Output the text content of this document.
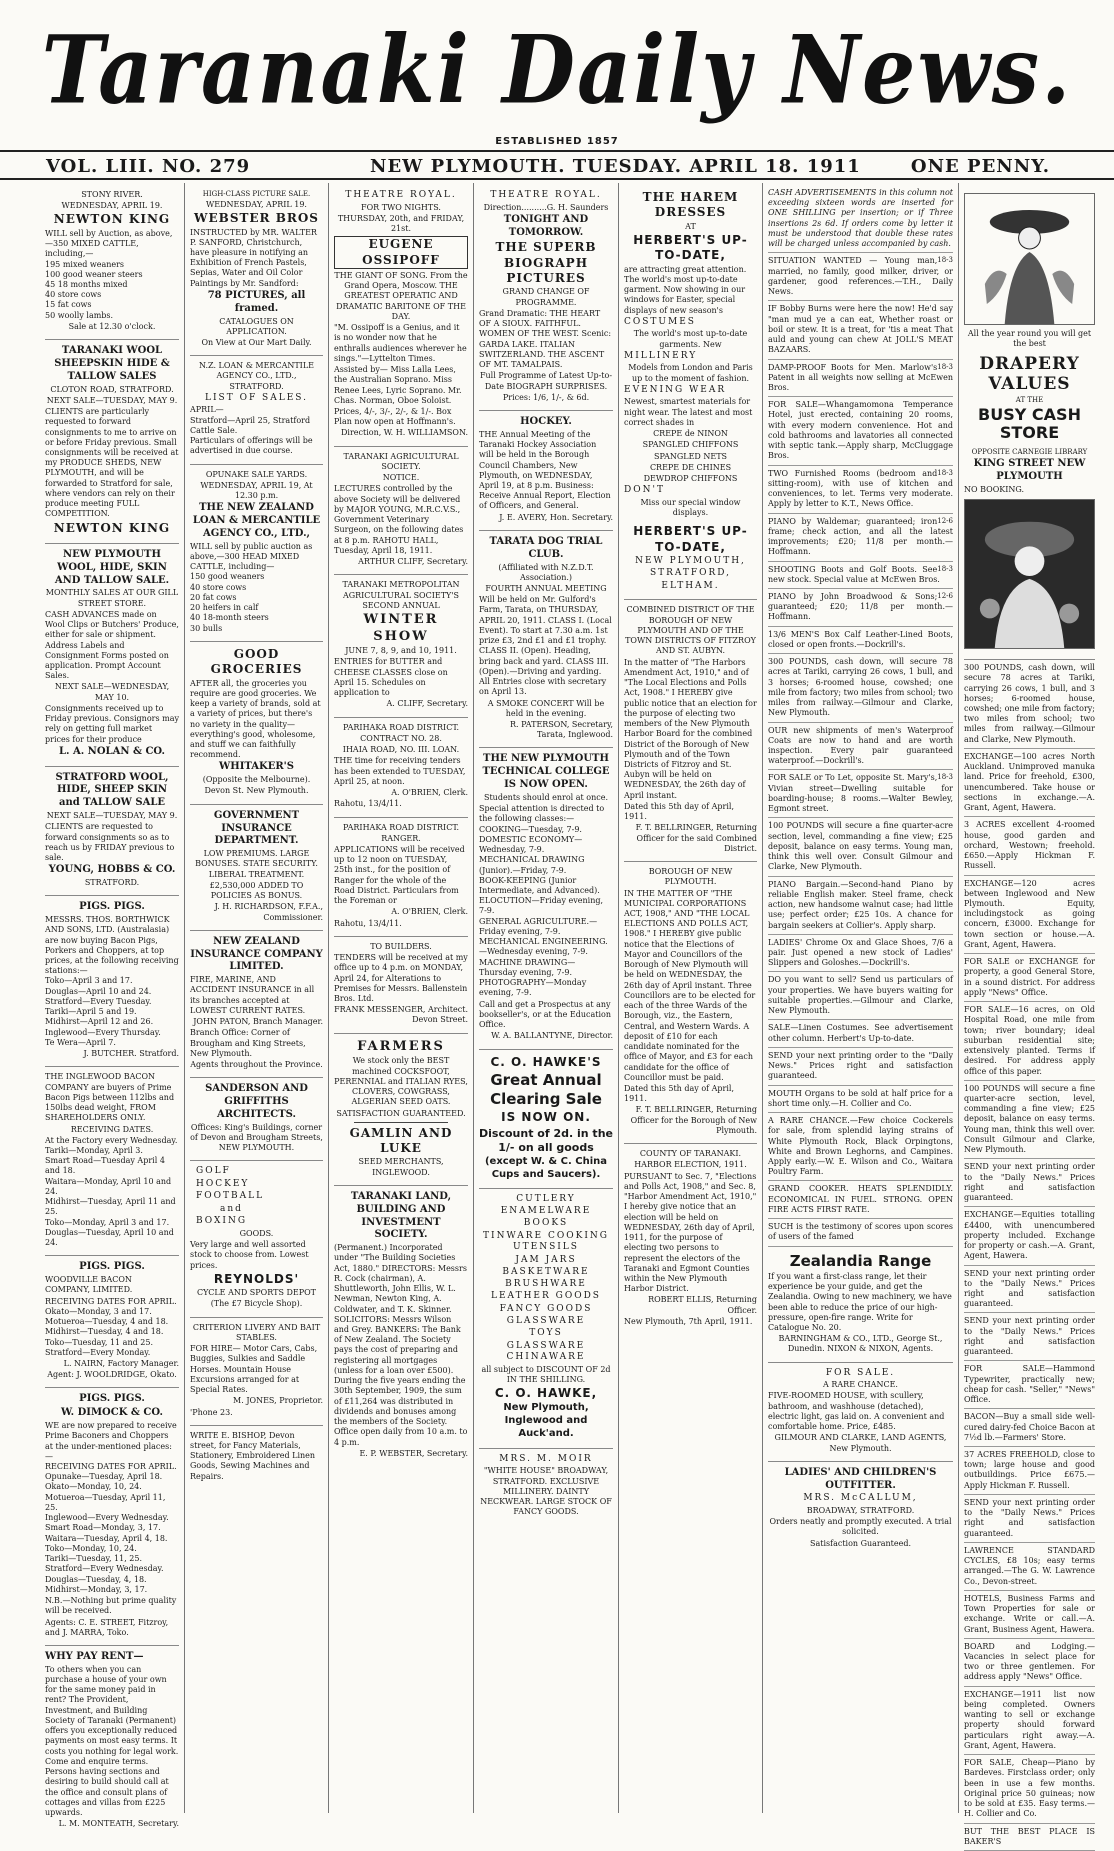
Taranaki Daily News.
ESTABLISHED 1857
VOL. LIII. NO. 279	NEW PLYMOUTH. TUESDAY. APRIL 18. 1911	ONE PENNY.

STONY RIVER.

WEDNESDAY, APRIL 19.

NEWTON KING

WILL sell by Auction, as above,—350 MIXED CATTLE, including,—
195 mixed weaners
100 good weaner steers
45 18 months mixed
40 store cows
15 fat cows
50 woolly lambs.

Sale at 12.30 o'clock.

TARANAKI WOOL SHEEPSKIN HIDE & TALLOW SALES

CLOTON ROAD, STRATFORD.

NEXT SALE—TUESDAY, MAY 9.

CLIENTS are particularly requested to forward consignments to me to arrive on or before Friday previous. Small consignments will be received at my PRODUCE SHEDS, NEW PLYMOUTH, and will be forwarded to Stratford for sale, where vendors can rely on their produce meeting FULL COMPETITION.

NEWTON KING

NEW PLYMOUTH WOOL, HIDE, SKIN AND TALLOW SALE.

MONTHLY SALES AT OUR GILL STREET STORE.

CASH ADVANCES made on Wool Clips or Butchers' Produce, either for sale or shipment. Address Labels and Consignment Forms posted on application. Prompt Account Sales.

NEXT SALE—WEDNESDAY, MAY 10.

Consignments received up to Friday previous. Consignors may rely on getting full market prices for their produce

L. A. NOLAN & CO.

STRATFORD WOOL, HIDE, SHEEP SKIN and TALLOW SALE

NEXT SALE—TUESDAY, MAY 9.

CLIENTS are requested to forward consignments so as to reach us by FRIDAY previous to sale.

YOUNG, HOBBS & CO.

STRATFORD.

PIGS. PIGS.

MESSRS. THOS. BORTHWICK AND SONS, LTD. (Australasia) are now buying Bacon Pigs, Porkers and Choppers, at top prices, at the following receiving stations:—
Toko—April 3 and 17.
Douglas—April 10 and 24.
Stratford—Every Tuesday.
Tariki—April 5 and 19.
Midhirst—April 12 and 26.
Inglewood—Every Thursday.
Te Wera—April 7.

J. BUTCHER. Stratford.

THE INGLEWOOD BACON COMPANY are buyers of Prime Bacon Pigs between 112lbs and 150lbs dead weight, FROM SHAREHOLDERS ONLY.

RECEIVING DATES.

At the Factory every Wednesday.
Tariki—Monday, April 3.
Smart Road—Tuesday April 4 and 18.
Waitara—Monday, April 10 and 24.
Midhirst—Tuesday, April 11 and 25.
Toko—Monday, April 3 and 17.
Douglas—Tuesday, April 10 and 24.

PIGS. PIGS.

WOODVILLE BACON COMPANY, LIMITED.

RECEIVING DATES FOR APRIL.
Okato—Monday, 3 and 17.
Motueroa—Tuesday, 4 and 18.
Midhirst—Tuesday, 4 and 18.
Toko—Tuesday, 11 and 25.
Stratford—Every Monday.

L. NAIRN, Factory Manager.

Agent: J. WOOLDRIDGE, Okato.

PIGS. PIGS.

W. DIMOCK & CO.

WE are now prepared to receive Prime Baconers and Choppers at the under-mentioned places:—
RECEIVING DATES FOR APRIL.
Opunake—Tuesday, April 18.
Okato—Monday, 10, 24.
Motueroa—Tuesday, April 11, 25.
Inglewood—Every Wednesday.
Smart Road—Monday, 3, 17.
Waitara—Tuesday, April 4, 18.
Toko—Monday, 10, 24.
Tariki—Tuesday, 11, 25.
Stratford—Every Wednesday.
Douglas—Tuesday, 4, 18.
Midhirst—Monday, 3, 17.

N.B.—Nothing but prime quality will be received.

Agents: C. E. STREET, Fitzroy, and J. MARRA, Toko.

WHY PAY RENT—

To others when you can purchase a house of your own for the same money paid in rent? The Provident, Investment, and Building Society of Taranaki (Permanent) offers you exceptionally reduced payments on most easy terms. It costs you nothing for legal work. Come and enquire terms. Persons having sections and desiring to build should call at the office and consult plans of cottages and villas from £225 upwards.

L. M. MONTEATH, Secretary.

HIGH-CLASS PICTURE SALE.

WEDNESDAY, APRIL 19.

WEBSTER BROS

INSTRUCTED by MR. WALTER P. SANFORD, Christchurch, have pleasure in notifying an Exhibition of French Pastels, Sepias, Water and Oil Color Paintings by Mr. Sandford:

78 PICTURES, all framed.

CATALOGUES ON APPLICATION.

On View at Our Mart Daily.

N.Z. LOAN & MERCANTILE AGENCY CO., LTD., STRATFORD.

LIST OF SALES.

APRIL—
Stratford—April 25, Stratford Cattle Sale.
Particulars of offerings will be advertised in due course.

OPUNAKE SALE YARDS.

WEDNESDAY, APRIL 19, At 12.30 p.m.

THE NEW ZEALAND LOAN & MERCANTILE AGENCY CO., LTD.,

WILL sell by public auction as above,—300 HEAD MIXED CATTLE, including—
150 good weaners
40 store cows
20 fat cows
20 heifers in calf
40 18-month steers
30 bulls

GOOD GROCERIES

AFTER all, the groceries you require are good groceries. We keep a variety of brands, sold at a variety of prices, but there's no variety in the quality—everything's good, wholesome, and stuff we can faithfully recommend.

WHITAKER'S

(Opposite the Melbourne).

Devon St. New Plymouth.

GOVERNMENT INSURANCE DEPARTMENT.

LOW PREMIUMS. LARGE BONUSES. STATE SECURITY. LIBERAL TREATMENT.

£2,530,000 ADDED TO POLICIES AS BONUS.

J. H. RICHARDSON, F.F.A., Commissioner.

NEW ZEALAND INSURANCE COMPANY LIMITED.

FIRE, MARINE, AND ACCIDENT INSURANCE in all its branches accepted at LOWEST CURRENT RATES.

JOHN PATON, Branch Manager.

Branch Office: Corner of Brougham and King Streets, New Plymouth.

Agents throughout the Province.

SANDERSON AND GRIFFITHS ARCHITECTS.

Offices: King's Buildings, corner of Devon and Brougham Streets, NEW PLYMOUTH.

GOLF

HOCKEY

FOOTBALL

and

BOXING

GOODS.

Very large and well assorted stock to choose from. Lowest prices.

REYNOLDS'

CYCLE AND SPORTS DEPOT

(The £7 Bicycle Shop).

CRITERION LIVERY AND BAIT STABLES.

FOR HIRE— Motor Cars, Cabs, Buggies, Sulkies and Saddle Horses. Mountain House Excursions arranged for at Special Rates.

M. JONES, Proprietor.

'Phone 23.

WRITE E. BISHOP, Devon street, for Fancy Materials, Stationery, Embroidered Linen Goods, Sewing Machines and Repairs.

THEATRE ROYAL.

FOR TWO NIGHTS.

THURSDAY, 20th, and FRIDAY, 21st.

EUGENE OSSIPOFF

THE GIANT OF SONG. From the Grand Opera, Moscow. THE GREATEST OPERATIC AND DRAMATIC BARITONE OF THE DAY.

"M. Ossipoff is a Genius, and it is no wonder now that he enthralls audiences wherever he sings."—Lyttelton Times.

Assisted by— Miss Lalla Lees, the Australian Soprano. Miss Renee Lees, Lyric Soprano. Mr. Chas. Norman, Oboe Soloist.

Prices, 4/-, 3/-, 2/-, & 1/-. Box Plan now open at Hoffmann's.

Direction, W. H. WILLIAMSON.

TARANAKI AGRICULTURAL SOCIETY.

NOTICE.

LECTURES controlled by the above Society will be delivered by MAJOR YOUNG, M.R.C.V.S., Government Veterinary Surgeon, on the following dates at 8 p.m. RAHOTU HALL, Tuesday, April 18, 1911.

ARTHUR CLIFF, Secretary.

TARANAKI METROPOLITAN AGRICULTURAL SOCIETY'S SECOND ANNUAL

WINTER SHOW

JUNE 7, 8, 9, and 10, 1911.

ENTRIES for BUTTER and CHEESE CLASSES close on April 15. Schedules on application to

A. CLIFF, Secretary.

PARIHAKA ROAD DISTRICT.

CONTRACT NO. 28.

IHAIA ROAD, NO. III. LOAN.

THE time for receiving tenders has been extended to TUESDAY, April 25, at noon.

A. O'BRIEN, Clerk.

Rahotu, 13/4/11.

PARIHAKA ROAD DISTRICT.

RANGER.

APPLICATIONS will be received up to 12 noon on TUESDAY, 25th inst., for the position of Ranger for the whole of the Road District. Particulars from the Foreman or

A. O'BRIEN, Clerk.

Rahotu, 13/4/11.

TO BUILDERS.

TENDERS will be received at my office up to 4 p.m. on MONDAY, April 24, for Alterations to Premises for Messrs. Ballenstein Bros. Ltd.

FRANK MESSENGER, Architect. Devon Street.

FARMERS

We stock only the BEST machined COCKSFOOT, PERENNIAL and ITALIAN RYES, CLOVERS, COWGRASS, ALGERIAN SEED OATS.

SATISFACTION GUARANTEED.

GAMLIN AND LUKE

SEED MERCHANTS, INGLEWOOD.

TARANAKI LAND, BUILDING AND INVESTMENT SOCIETY.

(Permanent.) Incorporated under "The Building Societies Act, 1880." DIRECTORS: Messrs R. Cock (chairman), A. Shuttleworth, John Ellis, W. L. Newman, Newton King, A. Coldwater, and T. K. Skinner. SOLICITORS: Messrs Wilson and Grey. BANKERS: The Bank of New Zealand. The Society pays the cost of preparing and registering all mortgages (unless for a loan over £500). During the five years ending the 30th September, 1909, the sum of £11,264 was distributed in dividends and bonuses among the members of the Society. Office open daily from 10 a.m. to 4 p.m.

E. P. WEBSTER, Secretary.

THEATRE ROYAL.

Direction..........G. H. Saunders

TONIGHT AND TOMORROW.

THE SUPERB BIOGRAPH PICTURES

GRAND CHANGE OF PROGRAMME.

Grand Dramatic: THE HEART OF A SIOUX. FAITHFUL. WOMEN OF THE WEST. Scenic: GARDA LAKE. ITALIAN SWITZERLAND. THE ASCENT OF MT. TAMALPAIS.

Full Programme of Latest Up-to-Date BIOGRAPH SURPRISES.

Prices: 1/6, 1/-, & 6d.

HOCKEY.

THE Annual Meeting of the Taranaki Hockey Association will be held in the Borough Council Chambers, New Plymouth, on WEDNESDAY, April 19, at 8 p.m. Business: Receive Annual Report, Election of Officers, and General.

J. E. AVERY, Hon. Secretary.

TARATA DOG TRIAL CLUB.

(Affiliated with N.Z.D.T. Association.)

FOURTH ANNUAL MEETING

Will be held on Mr. Gulford's Farm, Tarata, on THURSDAY, APRIL 20, 1911. CLASS I. (Local Event). To start at 7.30 a.m. 1st prize £3, 2nd £1 and £1 trophy. CLASS II. (Open). Heading, bring back and yard. CLASS III. (Open).—Driving and yarding. All Entries close with secretary on April 13.

A SMOKE CONCERT Will be held in the evening.

R. PATERSON, Secretary, Tarata, Inglewood.

THE NEW PLYMOUTH TECHNICAL COLLEGE IS NOW OPEN.

Students should enrol at once.

Special attention is directed to the following classes:—
COOKING—Tuesday, 7-9.
DOMESTIC ECONOMY—Wednesday, 7-9.
MECHANICAL DRAWING (Junior).—Friday, 7-9.
BOOK-KEEPING (Junior Intermediate, and Advanced).
ELOCUTION—Friday evening, 7-9.
GENERAL AGRICULTURE.—Friday evening, 7-9.
MECHANICAL ENGINEERING.—Wednesday evening, 7-9.
MACHINE DRAWING—Thursday evening, 7-9.
PHOTOGRAPHY—Monday evening, 7-9.

Call and get a Prospectus at any bookseller's, or at the Education Office.

W. A. BALLANTYNE, Director.

C. O. HAWKE'S

Great Annual Clearing Sale

IS NOW ON.

Discount of 2d. in the 1/- on all goods

(except W. & C. China Cups and Saucers).

CUTLERY ENAMELWARE

BOOKS

TINWARE COOKING UTENSILS

JAM JARS

BASKETWARE BRUSHWARE

LEATHER GOODS

FANCY GOODS GLASSWARE

TOYS

GLASSWARE CHINAWARE

all subject to DISCOUNT OF 2d IN THE SHILLING.

C. O. HAWKE,

New Plymouth, Inglewood and Auck'and.

MRS. M. MOIR

"WHITE HOUSE" BROADWAY, STRATFORD. EXCLUSIVE MILLINERY. DAINTY NECKWEAR. LARGE STOCK OF FANCY GOODS.

THE HAREM DRESSES

AT

HERBERT'S UP-TO-DATE,

are attracting great attention. The world's most up-to-date garment. Now showing in our windows for Easter, special displays of new season's

COSTUMES

The world's most up-to-date garments. New

MILLINERY

Models from London and Paris up to the moment of fashion.

EVENING WEAR

Newest, smartest materials for night wear. The latest and most correct shades in

CREPE de NINON

SPANGLED CHIFFONS

SPANGLED NETS

CREPE DE CHINES

DEWDROP CHIFFONS

DON'T

Miss our special window displays.

HERBERT'S UP-TO-DATE,

NEW PLYMOUTH,

STRATFORD,

ELTHAM.

COMBINED DISTRICT OF THE BOROUGH OF NEW PLYMOUTH AND OF THE TOWN DISTRICTS OF FITZROY AND ST. AUBYN.

In the matter of "The Harbors Amendment Act, 1910," and of "The Local Elections and Polls Act, 1908." I HEREBY give public notice that an election for the purpose of electing two members of the New Plymouth Harbor Board for the combined District of the Borough of New Plymouth and of the Town Districts of Fitzroy and St. Aubyn will be held on WEDNESDAY, the 26th day of April instant.

Dated this 5th day of April, 1911.

F. T. BELLRINGER, Returning Officer for the said Combined District.

BOROUGH OF NEW PLYMOUTH.

IN THE MATTER OF "THE MUNICIPAL CORPORATIONS ACT, 1908," AND "THE LOCAL ELECTIONS AND POLLS ACT, 1908." I HEREBY give public notice that the Elections of Mayor and Councillors of the Borough of New Plymouth will be held on WEDNESDAY, the 26th day of April instant. Three Councillors are to be elected for each of the three Wards of the Borough, viz., the Eastern, Central, and Western Wards. A deposit of £10 for each candidate nominated for the office of Mayor, and £3 for each candidate for the office of Councillor must be paid.

Dated this 5th day of April, 1911.

F. T. BELLRINGER, Returning Officer for the Borough of New Plymouth.

COUNTY OF TARANAKI.

HARBOR ELECTION, 1911.

PURSUANT to Sec. 7, "Elections and Polls Act, 1908," and Sec. 8, "Harbor Amendment Act, 1910," I hereby give notice that an election will be held on WEDNESDAY, 26th day of April, 1911, for the purpose of electing two persons to represent the electors of the Taranaki and Egmont Counties within the New Plymouth Harbor District.

ROBERT ELLIS, Returning Officer.

New Plymouth, 7th April, 1911.

CASH ADVERTISEMENTS in this column not exceeding sixteen words are inserted for ONE SHILLING per insertion; or if Three insertions 2s 6d. If orders come by letter it must be understood that double these rates will be charged unless accompanied by cash.
18-3
SITUATION WANTED — Young man, married, no family, good milker, driver, or gardener, good references.—T.H., Daily News.
IF Bobby Burns were here the now! He'd say "man mud ye a can eat, Whether roast or boil or stew. It is a treat, for 'tis a meat That auld and young can chew At JOLL'S MEAT BAZAARS.
18-3
DAMP-PROOF Boots for Men. Marlow's Patent in all weights now selling at McEwen Bros.
FOR SALE—Whangamomona Temperance Hotel, just erected, containing 20 rooms, with every modern convenience. Hot and cold bathrooms and lavatories all connected with septic tank.—Apply sharp, McCluggage Bros.
18-3
TWO Furnished Rooms (bedroom and sitting-room), with use of kitchen and conveniences, to let. Terms very moderate. Apply by letter to K.T., News Office.
12-6
PIANO by Waldemar; guaranteed; iron frame; check action, and all the latest improvements; £20; 11/8 per month.—Hoffmann.
18-3
SHOOTING Boots and Golf Boots. See new stock. Special value at McEwen Bros.
12-6
PIANO by John Broadwood & Sons; guaranteed; £20; 11/8 per month.—Hoffmann.
13/6 MEN'S Box Calf Leather-Lined Boots, closed or open fronts.—Dockrill's.
300 POUNDS, cash down, will secure 78 acres at Tariki, carrying 26 cows, 1 bull, and 3 horses; 6-roomed house, cowshed; one mile from factory; two miles from school; two miles from railway.—Gilmour and Clarke, New Plymouth.
OUR new shipments of men's Waterproof Coats are now to hand and are worth inspection. Every pair guaranteed waterproof.—Dockrill's.
18-3
FOR SALE or To Let, opposite St. Mary's, Vivian street—Dwelling suitable for boarding-house; 8 rooms.—Walter Bewley, Egmont street.
100 POUNDS will secure a fine quarter-acre section, level, commanding a fine view; £25 deposit, balance on easy terms. Young man, think this well over. Consult Gilmour and Clarke, New Plymouth.
PIANO Bargain.—Second-hand Piano by reliable English maker. Steel frame, check action, new handsome walnut case; had little use; perfect order; £25 10s. A chance for bargain seekers at Collier's. Apply sharp.
LADIES' Chrome Ox and Glace Shoes, 7/6 a pair. Just opened a new stock of Ladies' Slippers and Goloshes.—Dockrill's.
DO you want to sell? Send us particulars of your properties. We have buyers waiting for suitable properties.—Gilmour and Clarke, New Plymouth.
SALE—Linen Costumes. See advertisement other column. Herbert's Up-to-date.
SEND your next printing order to the "Daily News." Prices right and satisfaction guaranteed.
MOUTH Organs to be sold at half price for a short time only.—H. Collier and Co.
A RARE CHANCE.—Few choice Cockerels for sale, from splendid laying strains of White Plymouth Rock, Black Orpingtons, White and Brown Leghorns, and Campines. Apply early.—W. E. Wilson and Co., Waitara Poultry Farm.
GRAND COOKER. HEATS SPLENDIDLY. ECONOMICAL IN FUEL. STRONG. OPEN FIRE ACTS FIRST RATE.
SUCH is the testimony of scores upon scores of users of the famed

Zealandia Range

If you want a first-class range, let their experience be your guide, and get the Zealandia. Owing to new machinery, we have been able to reduce the price of our high-pressure, open-fire range. Write for Catalogue No. 20.

BARNINGHAM & CO., LTD., George St., Dunedin. NIXON & NIXON, Agents.

FOR SALE.

A RARE CHANCE.

FIVE-ROOMED HOUSE, with scullery, bathroom, and washhouse (detached), electric light, gas laid on. A convenient and comfortable home. Price, £485.

GILMOUR AND CLARKE, LAND AGENTS, New Plymouth.

LADIES' AND CHILDREN'S OUTFITTER.

MRS. McCALLUM,

BROADWAY, STRATFORD.

Orders neatly and promptly executed. A trial solicited.

Satisfaction Guaranteed.

All the year round you will get the best

DRAPERY VALUES

AT THE

BUSY CASH STORE

OPPOSITE CARNEGIE LIBRARY

KING STREET NEW PLYMOUTH

NO BOOKING.

300 POUNDS, cash down, will secure 78 acres at Tariki, carrying 26 cows, 1 bull, and 3 horses; 6-roomed house, cowshed; one mile from factory; two miles from school; two miles from railway.—Gilmour and Clarke, New Plymouth.
EXCHANGE—100 acres North Auckland. Unimproved manuka land. Price for freehold, £300, unencumbered. Take house or sections in exchange.—A. Grant, Agent, Hawera.
3 ACRES excellent 4-roomed house, good garden and orchard, Westown; freehold. £650.—Apply Hickman F. Russell.
EXCHANGE—120 acres between Inglewood and New Plymouth. Equity, includingstock as going concern, £3000. Exchange for town section or house.—A. Grant, Agent, Hawera.
FOR SALE or EXCHANGE for property, a good General Store, in a sound district. For address apply "News" Office.
FOR SALE—16 acres, on Old Hospital Road, one mile from town; river boundary; ideal suburban residential site; extensively planted. Terms if desired. For address apply office of this paper.
100 POUNDS will secure a fine quarter-acre section, level, commanding a fine view; £25 deposit, balance on easy terms. Young man, think this well over. Consult Gilmour and Clarke, New Plymouth.
SEND your next printing order to the "Daily News." Prices right and satisfaction guaranteed.
EXCHANGE—Equities totalling £4400, with unencumbered property included. Exchange for property or cash.—A. Grant, Agent, Hawera.
SEND your next printing order to the "Daily News." Prices right and satisfaction guaranteed.
SEND your next printing order to the "Daily News." Prices right and satisfaction guaranteed.
FOR SALE—Hammond Typewriter, practically new; cheap for cash. "Seller," "News" Office.
BACON—Buy a small side well-cured dairy-fed Choice Bacon at 7½d lb.—Farmers' Store.
37 ACRES FREEHOLD, close to town; large house and good outbuildings. Price £675.—Apply Hickman F. Russell.
SEND your next printing order to the "Daily News." Prices right and satisfaction guaranteed.
LAWRENCE STANDARD CYCLES, £8 10s; easy terms arranged.—The G. W. Lawrence Co., Devon-street.
HOTELS, Business Farms and Town Properties for sale or exchange. Write or call.—A. Grant, Business Agent, Hawera.
BOARD and Lodging.—Vacancies in select place for two or three gentlemen. For address apply "News" Office.
EXCHANGE—1911 list now being completed. Owners wanting to sell or exchange property should forward particulars right away.—A. Grant, Agent, Hawera.
FOR SALE, Cheap—Piano by Bardeves. Firstclass order; only been in use a few months. Original price 50 guineas; now to be sold at £35. Easy terms.—H. Collier and Co.
BUT THE BEST PLACE IS BAKER'S
